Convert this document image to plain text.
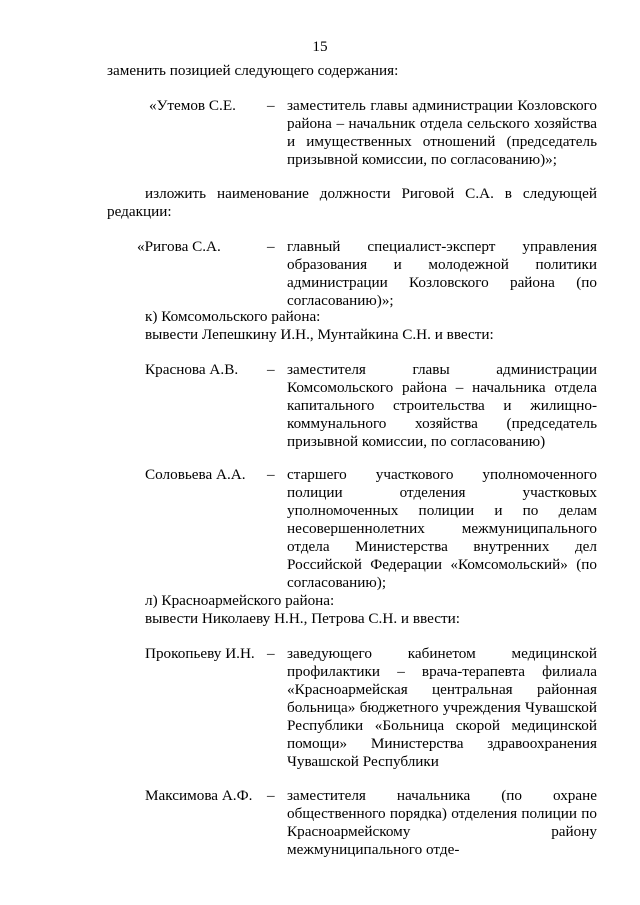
15

заменить позицией следующего содержания:

«Утемов С.Е. – заместитель главы администрации Козловского района – начальник отдела сельского хозяйства и имущественных отношений (председатель призывной комиссии, по согласованию)»;

изложить наименование должности Риговой С.А. в следующей редакции:

«Ригова С.А.	– главный специалист-эксперт управления образования и молодежной политики администрации Козловского района (по согласованию)»;
к) Комсомольского района:
вывести Лепешкину И.Н., Мунтайкина С.Н. и ввести:
Краснова А.В. – заместителя главы администрации Комсомольского района – начальника отдела капитального строительства и жилищно-коммунального хозяйства (председатель призывной комиссии, по согласованию)
Соловьева А.А. – старшего участкового уполномоченного полиции отделения участковых уполномоченных полиции и по делам несовершеннолетних межмуниципального отдела Министерства внутренних дел Российской Федерации «Комсомольский» (по согласованию);
л) Красноармейского района:
вывести Николаеву Н.Н., Петрова С.Н. и ввести:
Прокопьеву И.Н. – заведующего кабинетом медицинской профилактики – врача-терапевта филиала «Красноармейская центральная районная больница» бюджетного учреждения Чувашской Республики «Больница скорой медицинской помощи» Министерства здравоохранения Чувашской Республики
Максимова А.Ф. – заместителя начальника (по охране общественного порядка) отделения полиции по Красноармейскому району межмуниципального отде-
